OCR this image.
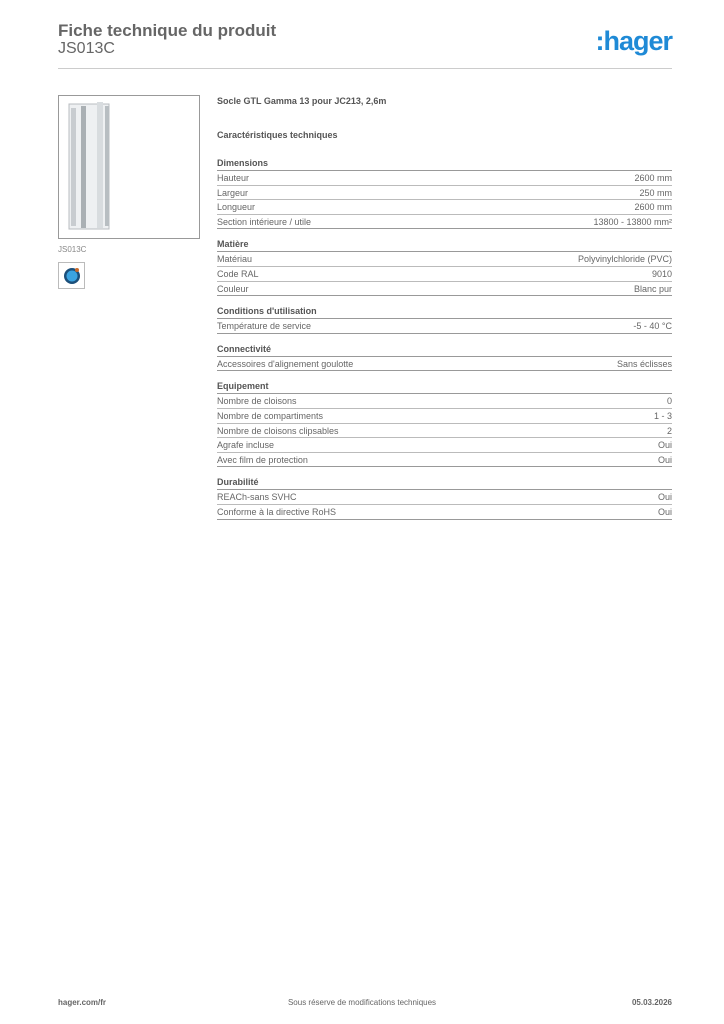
Fiche technique du produit
JS013C	:hager
JS013C
Socle GTL Gamma 13 pour JC213, 2,6m
Caractéristiques techniques
Dimensions
Hauteur	2600 mm
Largeur	250 mm
Longueur	2600 mm
Section intérieure / utile	13800 - 13800 mm²
Matière
Matériau	Polyvinylchloride (PVC)
Code RAL	9010
Couleur	Blanc pur
Conditions d'utilisation
Température de service	-5 - 40 °C
Connectivité
Accessoires d'alignement goulotte	Sans éclisses
Equipement
Nombre de cloisons	0
Nombre de compartiments	1 - 3
Nombre de cloisons clipsables	2
Agrafe incluse	Oui
Avec film de protection	Oui
Durabilité
REACh-sans SVHC	Oui
Conforme à la directive RoHS	Oui
hager.com/fr	Sous réserve de modifications techniques	05.03.2026
